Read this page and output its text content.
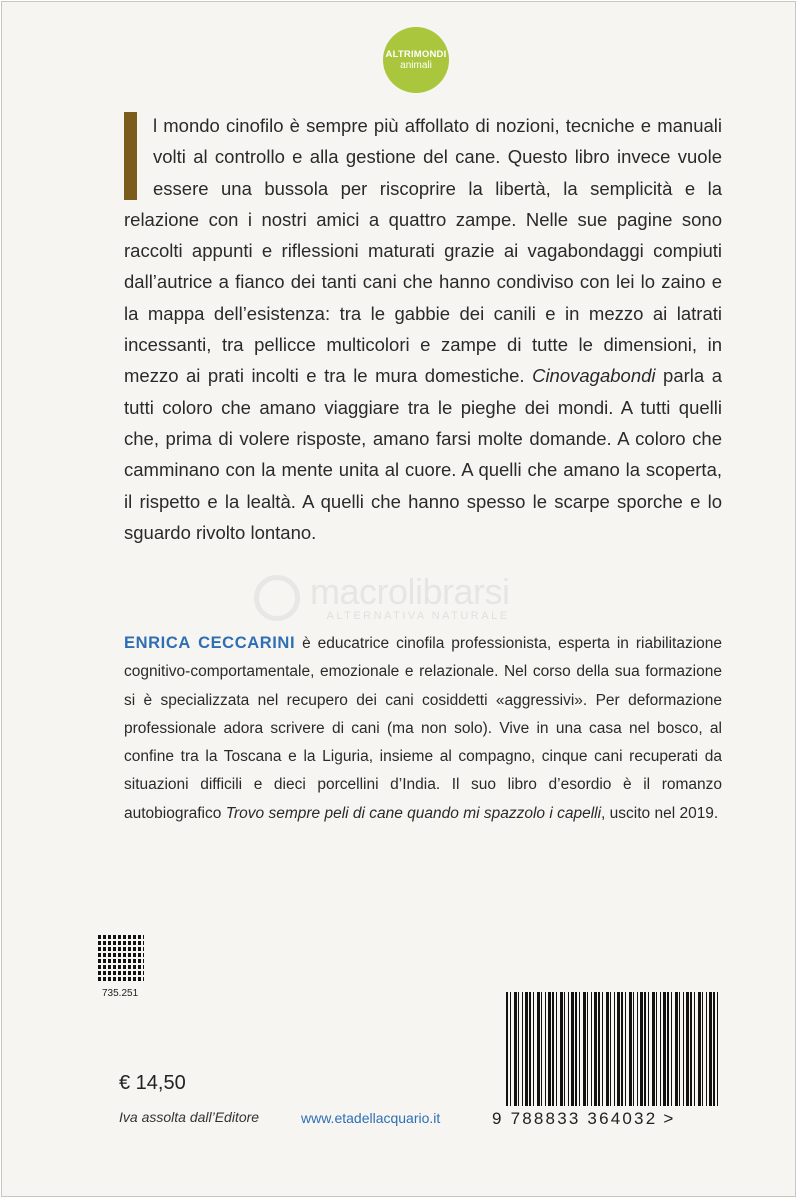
ALTRIMONDI
animali

l mondo cinofilo è sempre più affollato di nozioni, tecniche e manuali volti al controllo e alla gestione del cane. Questo libro invece vuole essere una bussola per riscoprire la libertà, la semplicità e la relazione con i nostri amici a quattro zampe. Nelle sue pagine sono raccolti appunti e riflessioni maturati grazie ai vagabondaggi compiuti dall’autrice a fianco dei tanti cani che hanno condiviso con lei lo zaino e la mappa dell’esistenza: tra le gabbie dei canili e in mezzo ai latrati incessanti, tra pellicce multicolori e zampe di tutte le dimensioni, in mezzo ai prati incolti e tra le mura domestiche. Cinovagabondi parla a tutti coloro che amano viaggiare tra le pieghe dei mondi. A tutti quelli che, prima di volere risposte, amano farsi molte domande. A coloro che camminano con la mente unita al cuore. A quelli che amano la scoperta, il rispetto e la lealtà. A quelli che hanno spesso le scarpe sporche e lo sguardo rivolto lontano.

macrolibrarsi
ALTERNATIVA NATURALE

ENRICA CECCARINI è educatrice cinofila professionista, esperta in riabilitazione cognitivo-comportamentale, emozionale e relazionale. Nel corso della sua formazione si è specializzata nel recupero dei cani cosiddetti «aggressivi». Per deformazione professionale adora scrivere di cani (ma non solo). Vive in una casa nel bosco, al confine tra la Toscana e la Liguria, insieme al compagno, cinque cani recuperati da situazioni difficili e dieci porcellini d’India. Il suo libro d’esordio è il romanzo autobiografico Trovo sempre peli di cane quando mi spazzolo i capelli, uscito nel 2019.

735.251
€ 14,50
Iva assolta dall’Editore	www.etadellacquario.it	9 788833 364032 >
